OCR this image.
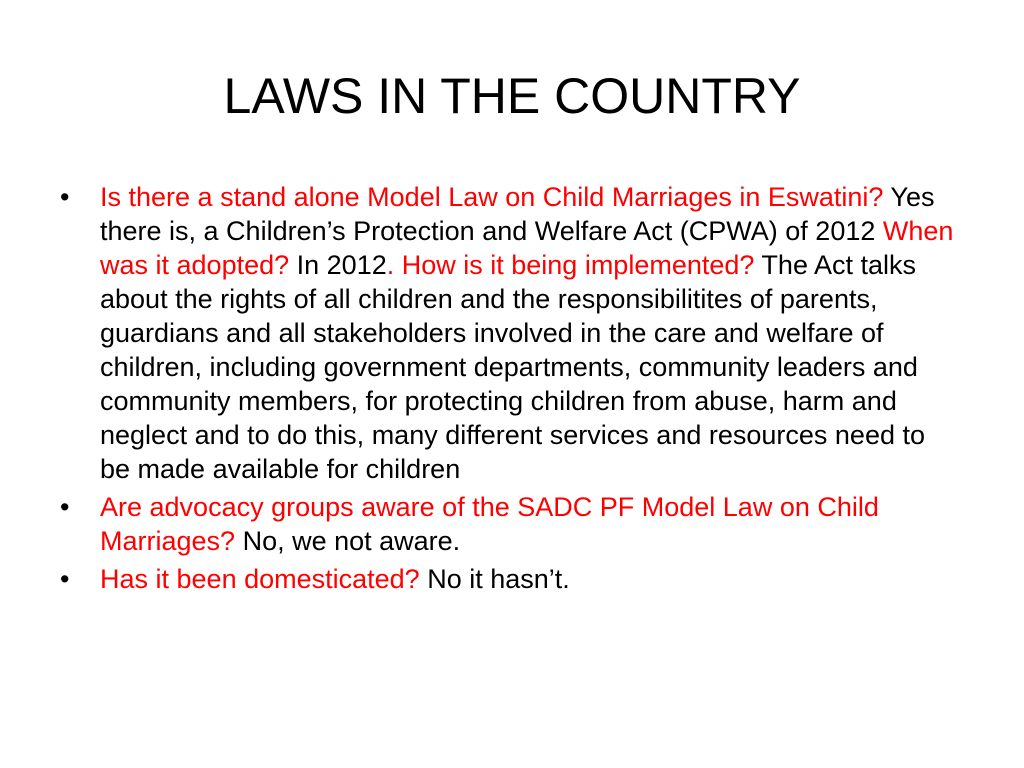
LAWS IN THE COUNTRY
•	Is there a stand alone Model Law on Child Marriages in Eswatini? Yes there is, a Children’s Protection and Welfare Act (CPWA) of 2012 When was it adopted? In 2012. How is it being implemented? The Act talks about the rights of all children and the responsibilitites of parents, guardians and all stakeholders involved in the care and welfare of children, including government departments, community leaders and community members, for protecting children from abuse, harm and neglect and to do this, many different services and resources need to be made available for children
•	Are advocacy groups aware of the SADC PF Model Law on Child Marriages? No, we not aware.
•	Has it been domesticated? No it hasn’t.
